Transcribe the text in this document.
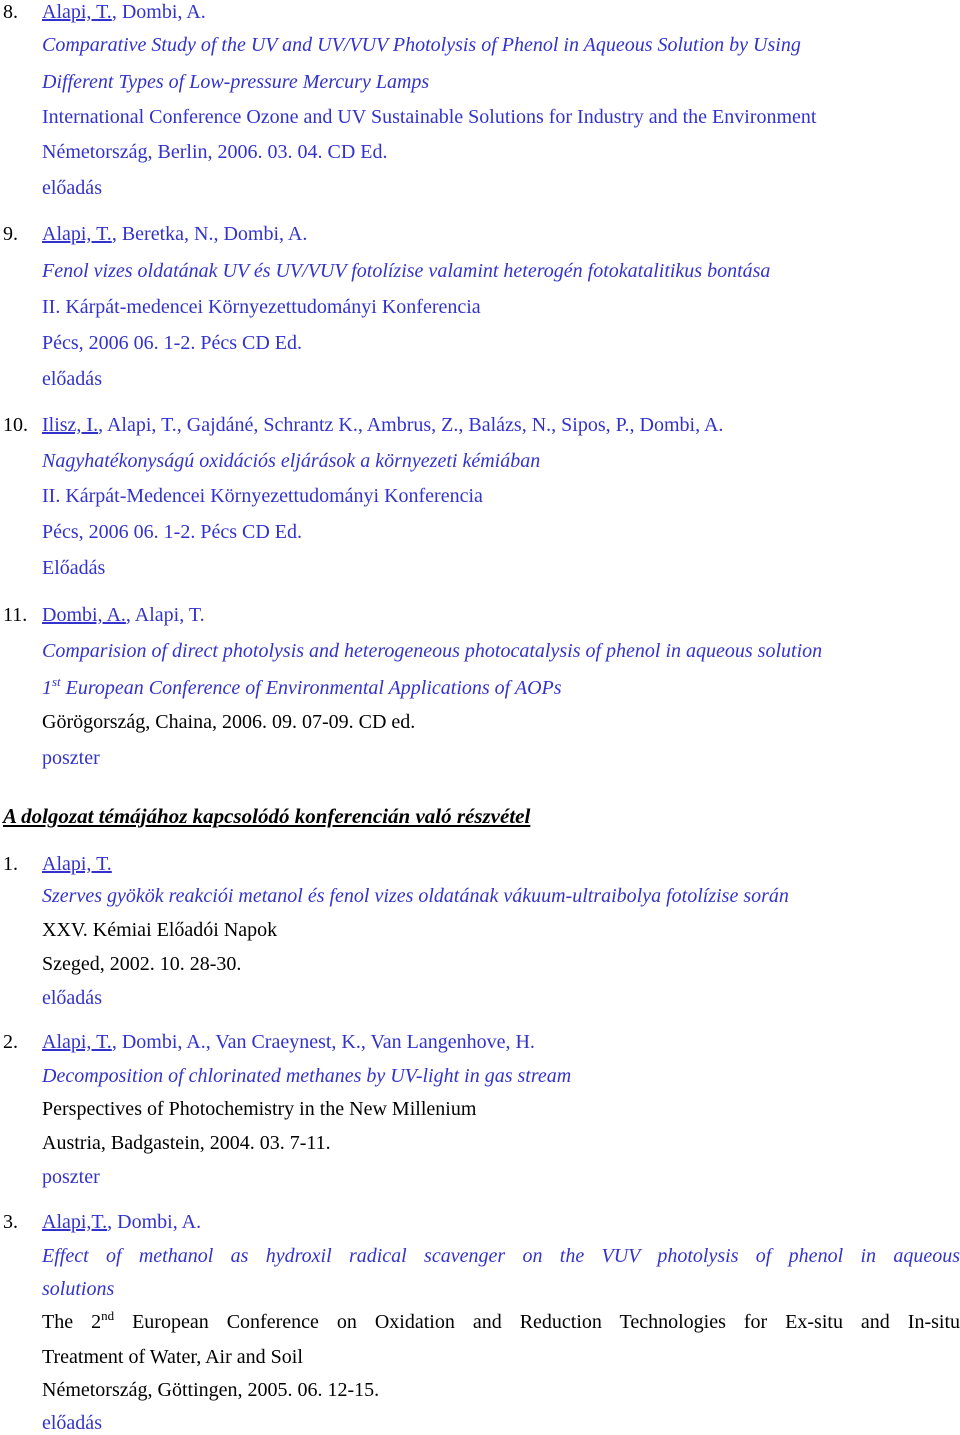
8. Alapi, T., Dombi, A.
Comparative Study of the UV and UV/VUV Photolysis of Phenol in Aqueous Solution by Using
Different Types of Low-pressure Mercury Lamps
International Conference Ozone and UV Sustainable Solutions for Industry and the Environment
Németország, Berlin, 2006. 03. 04. CD Ed.
előadás
9. Alapi, T., Beretka, N., Dombi, A.
Fenol vizes oldatának UV és UV/VUV fotolízise valamint heterogén fotokatalitikus bontása
II. Kárpát-medencei Környezettudományi Konferencia
Pécs, 2006 06. 1-2. Pécs CD Ed.
előadás
10. Ilisz, I., Alapi, T., Gajdáné, Schrantz K., Ambrus, Z., Balázs, N., Sipos, P., Dombi, A.
Nagyhatékonyságú oxidációs eljárások a környezeti kémiában
II. Kárpát-Medencei Környezettudományi Konferencia
Pécs, 2006 06. 1-2. Pécs CD Ed.
Előadás
11. Dombi, A., Alapi, T.
Comparision of direct photolysis and heterogeneous photocatalysis of phenol in aqueous solution
1st European Conference of Environmental Applications of AOPs
Görögország, Chaina, 2006. 09. 07-09. CD ed.
poszter
A dolgozat témájához kapcsolódó konferencián való részvétel
1. Alapi, T.
Szerves gyökök reakciói metanol és fenol vizes oldatának vákuum-ultraibolya fotolízise során
XXV. Kémiai Előadói Napok
Szeged, 2002. 10. 28-30.
előadás
2. Alapi, T., Dombi, A., Van Craeynest, K., Van Langenhove, H.
Decomposition of chlorinated methanes by UV-light in gas stream
Perspectives of Photochemistry in the New Millenium
Austria, Badgastein, 2004. 03. 7-11.
poszter
3. Alapi,T., Dombi, A.
Effect of methanol as hydroxil radical scavenger on the VUV photolysis of phenol in aqueous
solutions
The 2nd European Conference on Oxidation and Reduction Technologies for Ex-situ and In-situ
Treatment of Water, Air and Soil
Németország, Göttingen, 2005. 06. 12-15.
előadás
